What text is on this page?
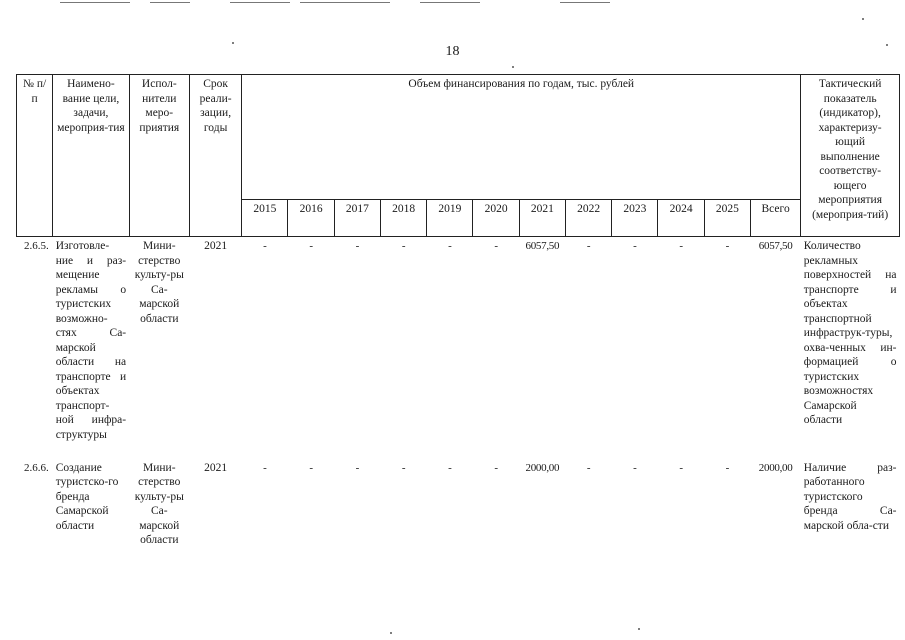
18
№ п/п	Наимено-вание цели, задачи, мероприя-тия	Испол-нители меро-приятия	Срок реали-зации, годы	Объем финансирования по годам, тыс. рублей												Тактический показатель (индикатор), характеризу-ющий выполнение соответству-ющего мероприятия (мероприя-тий)
				2015	2016	2017	2018	2019	2020	2021	2022	2023	2024	2025	Всего	
2.6.5.	Изготовле-ние и раз-мещение рекламы о туристских возможно-стях Са-марской области на транспорте и объектах транспорт-ной инфра-структуры	Мини-стерство культу-ры Са-марской области	2021	-	-	-	-	-	-	6057,50	-	-	-	-	6057,50	Количество рекламных поверхностей на транспорте и объектах транспортной инфраструк-туры, охва-ченных ин-формацией о туристских возможностях Самарской области
2.6.6.	Создание туристско-го бренда Самарской области	Мини-стерство культу-ры Са-марской области	2021	-	-	-	-	-	-	2000,00	-	-	-	-	2000,00	Наличие раз-работанного туристского бренда Са-марской обла-сти
